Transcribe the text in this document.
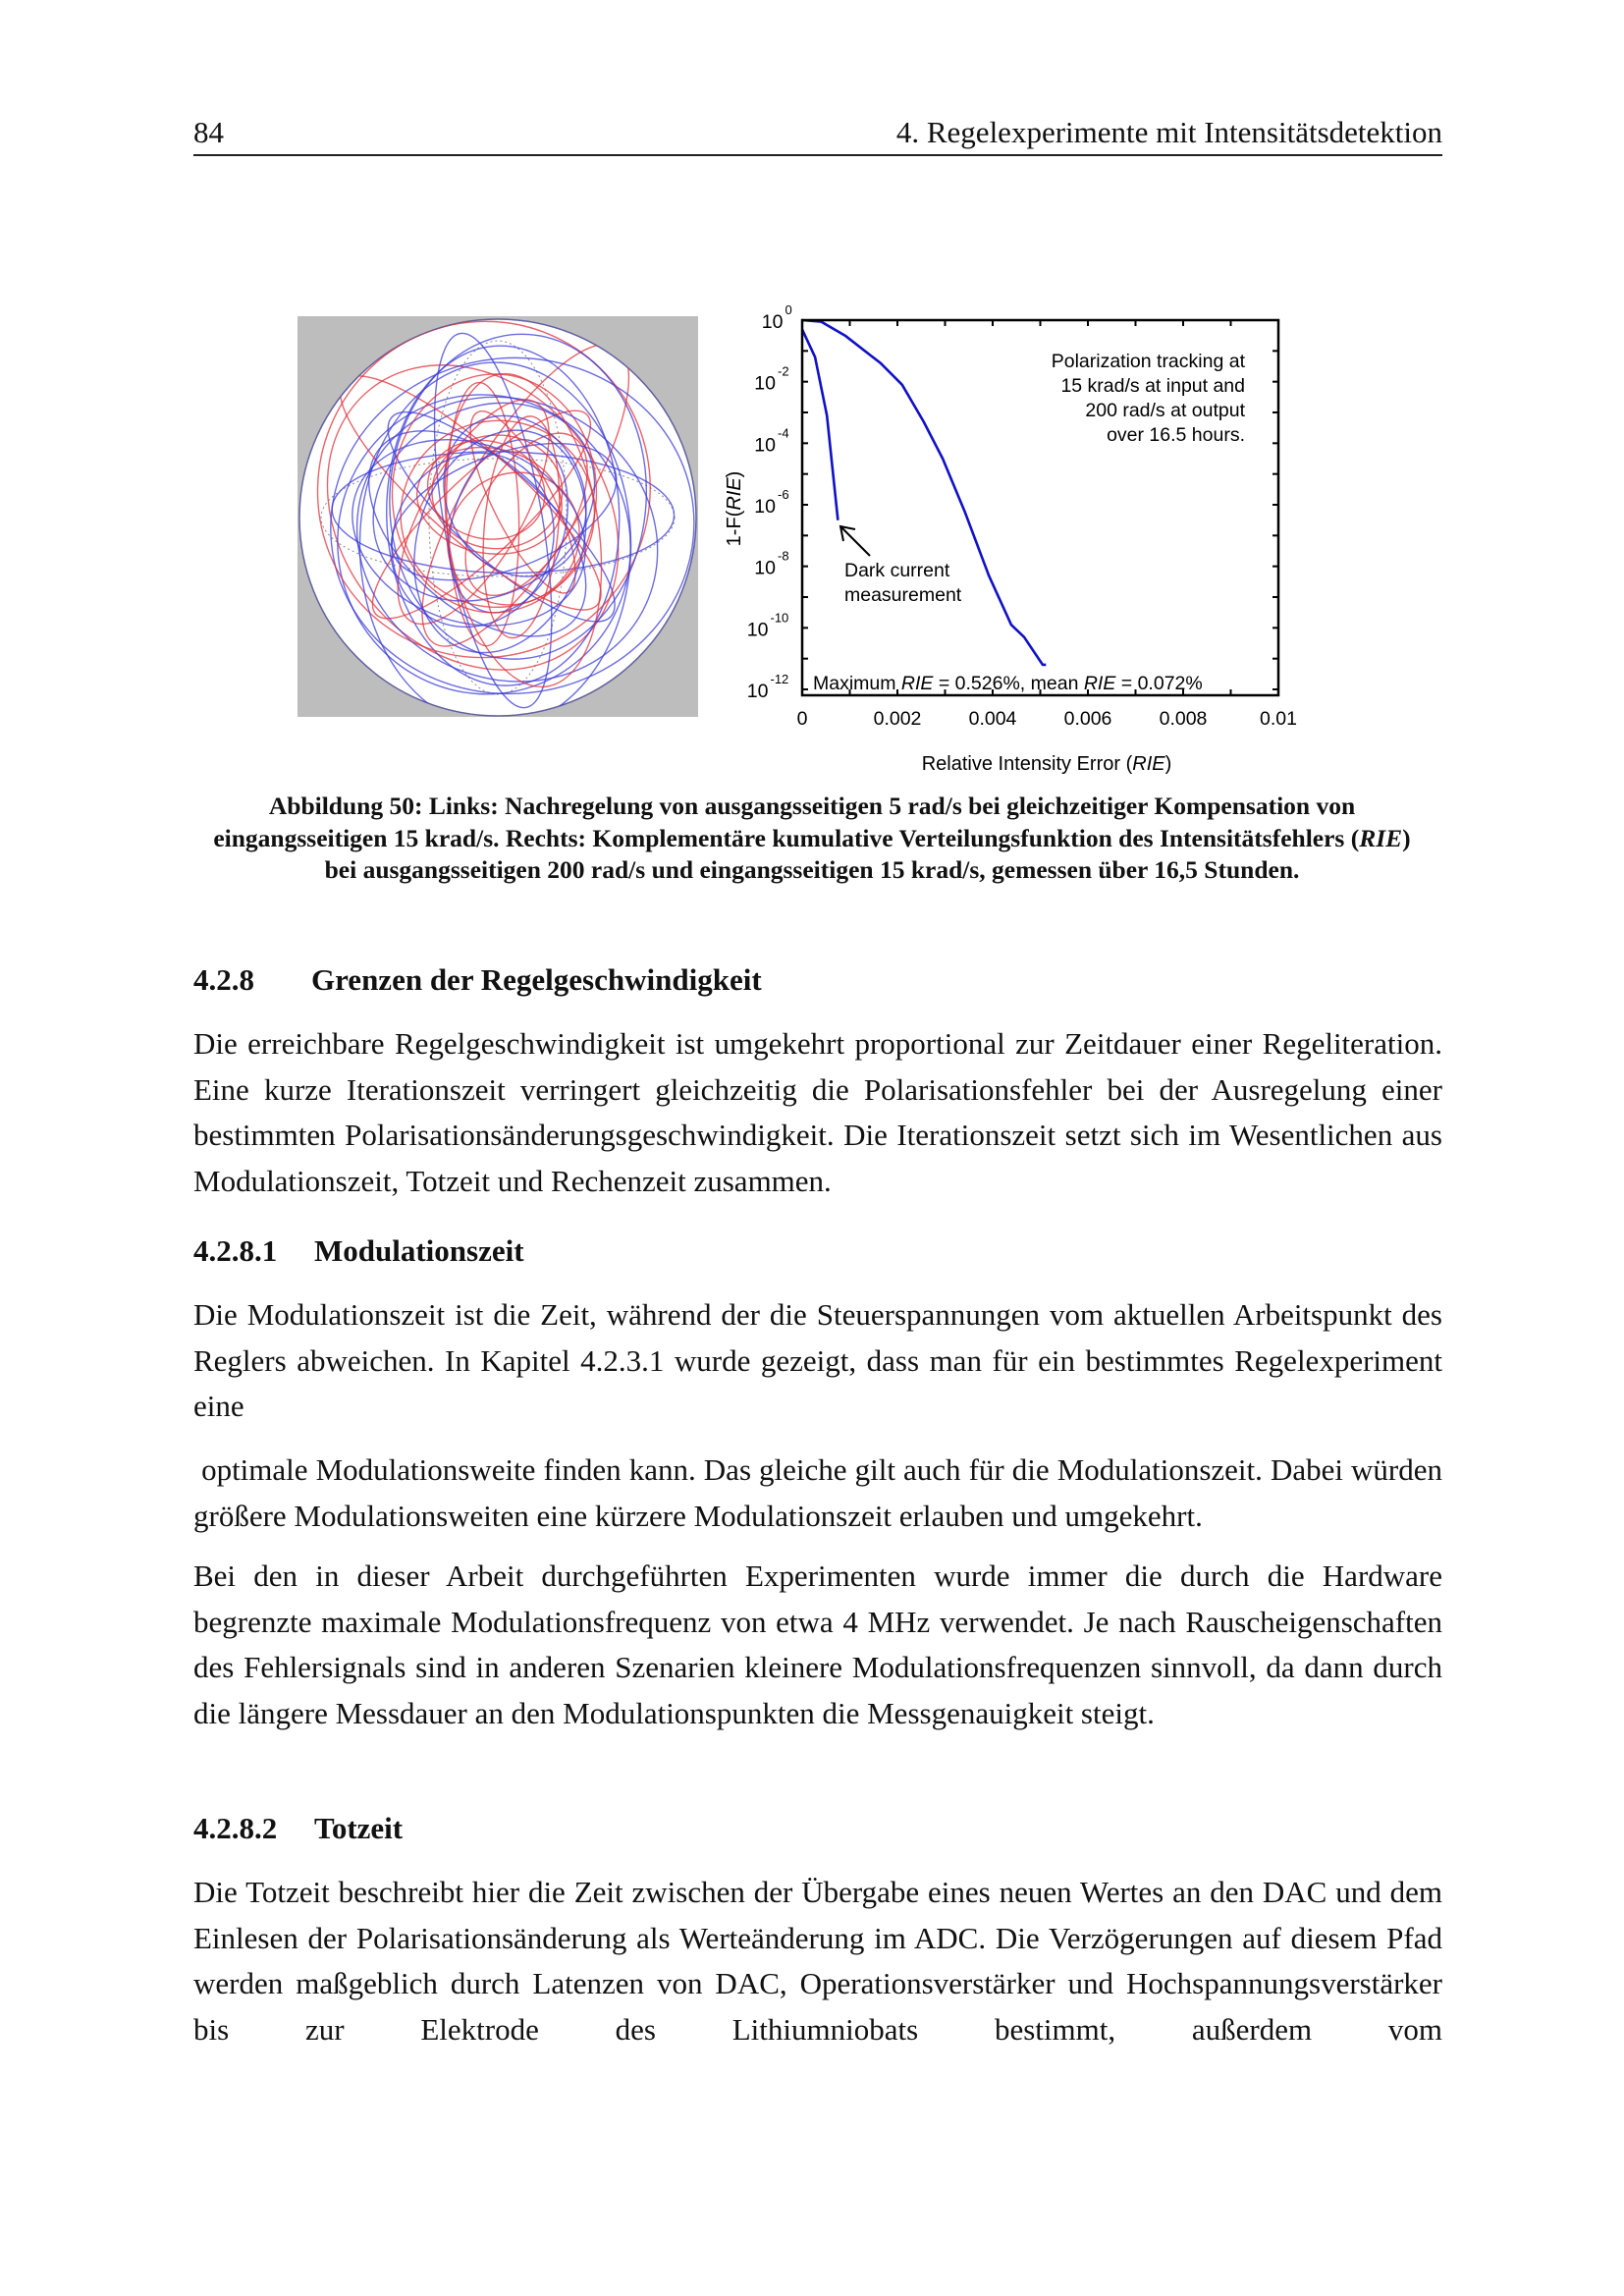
84	4. Regelexperimente mit Intensitätsdetektion
0	0.002 0.004 0.006 0.008	0.01
10
0
10
-2
10
-4
10
-6
10
-8
10
-10
10
-12
Relative Intensity Error (RIE)
1-F(RIE)
Polarization tracking at
15 krad/s at input and
200 rad/s at output
over 16.5 hours.
Dark current
measurement
Maximum RIE = 0.526%, mean RIE = 0.072%
Abbildung 50: Links: Nachregelung von ausgangsseitigen 5 rad/s bei gleichzeitiger Kompensation von eingangsseitigen 15 krad/s. Rechts: Komplementäre kumulative Verteilungsfunktion des Intensitätsfehlers (RIE) bei ausgangsseitigen 200 rad/s und eingangsseitigen 15 krad/s, gemessen über 16,5 Stunden.
4.2.8 Grenzen der Regelgeschwindigkeit
Die erreichbare Regelgeschwindigkeit ist umgekehrt proportional zur Zeitdauer einer Regeliteration. Eine kurze Iterationszeit verringert gleichzeitig die Polarisationsfehler bei der Ausregelung einer bestimmten Polarisationsänderungsgeschwindigkeit. Die Iterationszeit setzt sich im Wesentlichen aus Modulationszeit, Totzeit und Rechenzeit zusammen.
4.2.8.1 Modulationszeit
Die Modulationszeit ist die Zeit, während der die Steuerspannungen vom aktuellen Arbeitspunkt des Reglers abweichen. In Kapitel 4.2.3.1 wurde gezeigt, dass man für ein bestimmtes Regelexperiment eine
optimale Modulationsweite finden kann. Das gleiche gilt auch für die Modulationszeit. Dabei würden größere Modulationsweiten eine kürzere Modulationszeit erlauben und umgekehrt.
Bei den in dieser Arbeit durchgeführten Experimenten wurde immer die durch die Hardware begrenzte maximale Modulationsfrequenz von etwa 4 MHz verwendet. Je nach Rauscheigenschaften des Fehlersignals sind in anderen Szenarien kleinere Modulationsfrequenzen sinnvoll, da dann durch die längere Messdauer an den Modulationspunkten die Messgenauigkeit steigt.
4.2.8.2 Totzeit
Die Totzeit beschreibt hier die Zeit zwischen der Übergabe eines neuen Wertes an den DAC und dem Einlesen der Polarisationsänderung als Werteänderung im ADC. Die Verzögerungen auf diesem Pfad werden maßgeblich durch Latenzen von DAC, Operationsverstärker und Hochspannungsverstärker bis zur Elektrode des Lithiumniobats bestimmt, außerdem vom
